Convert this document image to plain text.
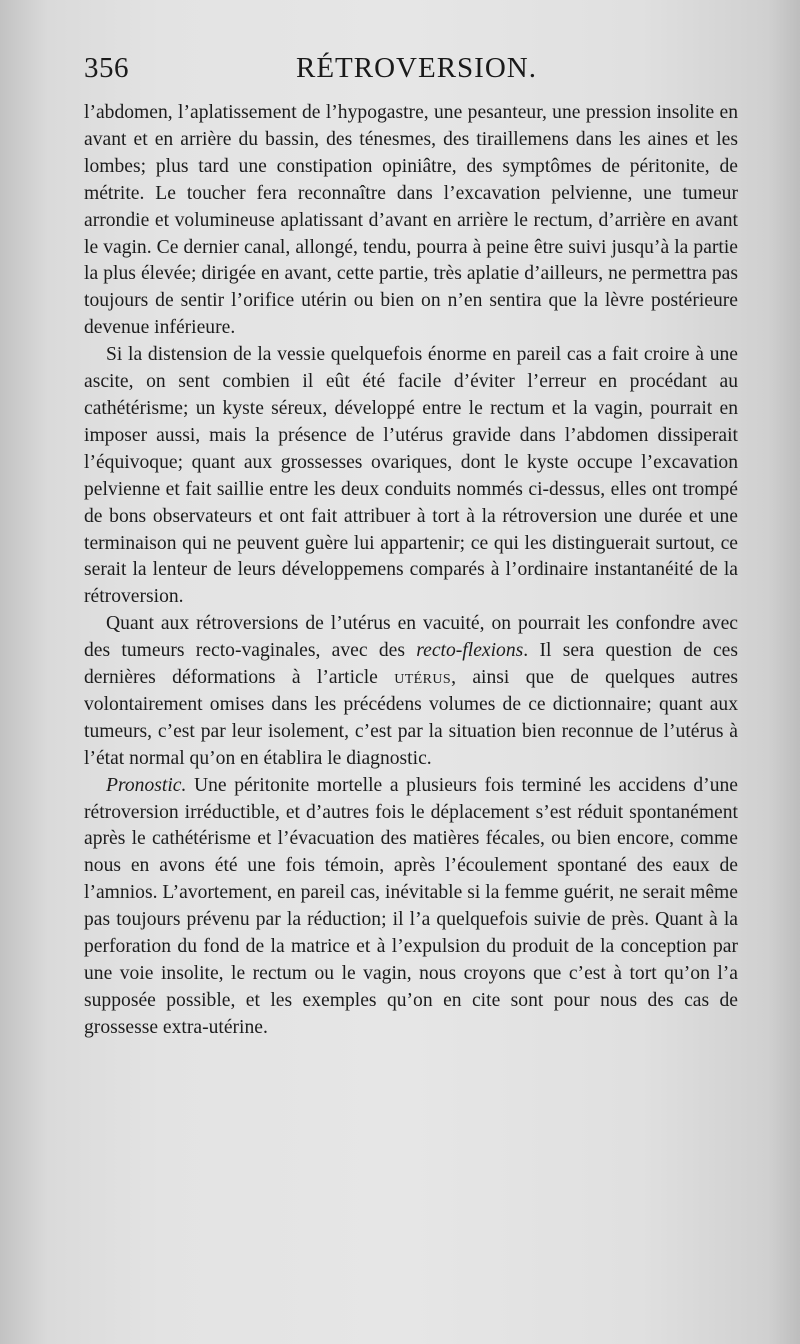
356	RÉTROVERSION.

l’abdomen, l’aplatissement de l’hypogastre, une pesanteur, une pression insolite en avant et en arrière du bassin, des ténesmes, des tiraillemens dans les aines et les lombes; plus tard une constipation opiniâtre, des symptômes de péritonite, de métrite. Le toucher fera reconnaître dans l’excavation pelvienne, une tumeur arrondie et volumineuse aplatissant d’avant en arrière le rectum, d’arrière en avant le vagin. Ce dernier canal, allongé, tendu, pourra à peine être suivi jusqu’à la partie la plus élevée; dirigée en avant, cette partie, très aplatie d’ailleurs, ne permettra pas toujours de sentir l’orifice utérin ou bien on n’en sentira que la lèvre postérieure devenue inférieure.

Si la distension de la vessie quelquefois énorme en pareil cas a fait croire à une ascite, on sent combien il eût été facile d’éviter l’erreur en procédant au cathétérisme; un kyste séreux, développé entre le rectum et la vagin, pourrait en imposer aussi, mais la présence de l’utérus gravide dans l’abdomen dissiperait l’équivoque; quant aux grossesses ovariques, dont le kyste occupe l’excavation pelvienne et fait saillie entre les deux conduits nommés ci-dessus, elles ont trompé de bons observateurs et ont fait attribuer à tort à la rétroversion une durée et une terminaison qui ne peuvent guère lui appartenir; ce qui les distinguerait surtout, ce serait la lenteur de leurs développemens comparés à l’ordinaire instantanéité de la rétroversion.

Quant aux rétroversions de l’utérus en vacuité, on pourrait les confondre avec des tumeurs recto-vaginales, avec des recto-flexions. Il sera question de ces dernières déformations à l’article utérus, ainsi que de quelques autres volontairement omises dans les précédens volumes de ce dictionnaire; quant aux tumeurs, c’est par leur isolement, c’est par la situation bien reconnue de l’utérus à l’état normal qu’on en établira le diagnostic.

Pronostic. Une péritonite mortelle a plusieurs fois terminé les accidens d’une rétroversion irréductible, et d’autres fois le déplacement s’est réduit spontanément après le cathétérisme et l’évacuation des matières fécales, ou bien encore, comme nous en avons été une fois témoin, après l’écoulement spontané des eaux de l’amnios. L’avortement, en pareil cas, inévitable si la femme guérit, ne serait même pas toujours prévenu par la réduction; il l’a quelquefois suivie de près. Quant à la perforation du fond de la matrice et à l’expulsion du produit de la conception par une voie insolite, le rectum ou le vagin, nous croyons que c’est à tort qu’on l’a supposée possible, et les exemples qu’on en cite sont pour nous des cas de grossesse extra-utérine.
